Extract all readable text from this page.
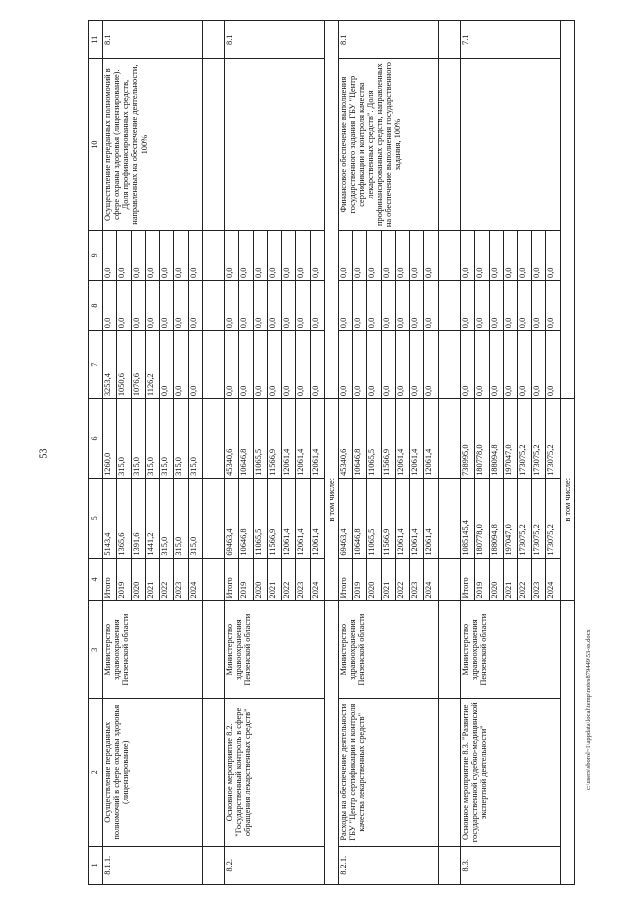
53
c:\users\sborol~1\appdata\local\temp\notes879449\53-ss.docx
1	2	3	4	5	6	7	8	9	10	11
8.1.1.	Осуществление переданных полномочий в сфере охраны здоровья (лицензирование)	Министерство здравоохранения Пензенской области	Итого	5143,4	1260,0	3253,4	0,0	0,0	Осуществление переданных полномочий в сфере охраны здоровья (лицензирование). Доля профинансированных средств, направленных на обеспечение деятельности, 100%	8.1
			2019	1365,6	315,0	1050,6	0,0	0,0		
			2020	1391,6	315,0	1076,6	0,0	0,0		
			2021	1441,2	315,0	1126,2	0,0	0,0		
			2022	315,0	315,0	0,0	0,0	0,0		
			2023	315,0	315,0	0,0	0,0	0,0		
			2024	315,0	315,0	0,0	0,0	0,0		

8.2.	Основное мероприятие 8.2. "Государственный контроль в сфере обращения лекарственных средств"	Министерство здравоохранения Пензенской области	Итого	69463,4	45340,6	0,0	0,0	0,0		8.1
			2019	10646,8	10646,8	0,0	0,0	0,0		
			2020	11065,5	11065,5	0,0	0,0	0,0		
			2021	11566,9	11566,9	0,0	0,0	0,0		
			2022	12061,4	12061,4	0,0	0,0	0,0		
			2023	12061,4	12061,4	0,0	0,0	0,0		
			2024	12061,4	12061,4	0,0	0,0	0,0		
			в том числе:							
8.2.1.	Расходы на обеспечение деятельности ГБУ "Центр сертификации и контроля качества лекарственных средств"	Министерство здравоохранения Пензенской области	Итого	69463,4	45340,6	0,0	0,0	0,0	Финансовое обеспечение выполнения государственного задания ГБУ "Центр сертификации и контроля качества лекарственных средств". Доля профинансированных средств, направленных на обеспечение выполнения государственного задания, 100%	8.1
			2019	10646,8	10646,8	0,0	0,0	0,0		
			2020	11065,5	11065,5	0,0	0,0	0,0		
			2021	11566,9	11566,9	0,0	0,0	0,0		
			2022	12061,4	12061,4	0,0	0,0	0,0		
			2023	12061,4	12061,4	0,0	0,0	0,0		
			2024	12061,4	12061,4	0,0	0,0	0,0		

8.3.	Основное мероприятие 8.3. "Развитие государственной судебно-медицинской экспертной деятельности"	Министерство здравоохранения Пензенской области	Итого	1085145,4	738995,0	0,0	0,0	0,0		7.1
			2019	180778,0	180778,0	0,0	0,0	0,0		
			2020	188094,8	188094,8	0,0	0,0	0,0		
			2021	197047,0	197047,0	0,0	0,0	0,0		
			2022	173075,2	173075,2	0,0	0,0	0,0		
			2023	173075,2	173075,2	0,0	0,0	0,0		
			2024	173075,2	173075,2	0,0	0,0	0,0		
			в том числе:							
